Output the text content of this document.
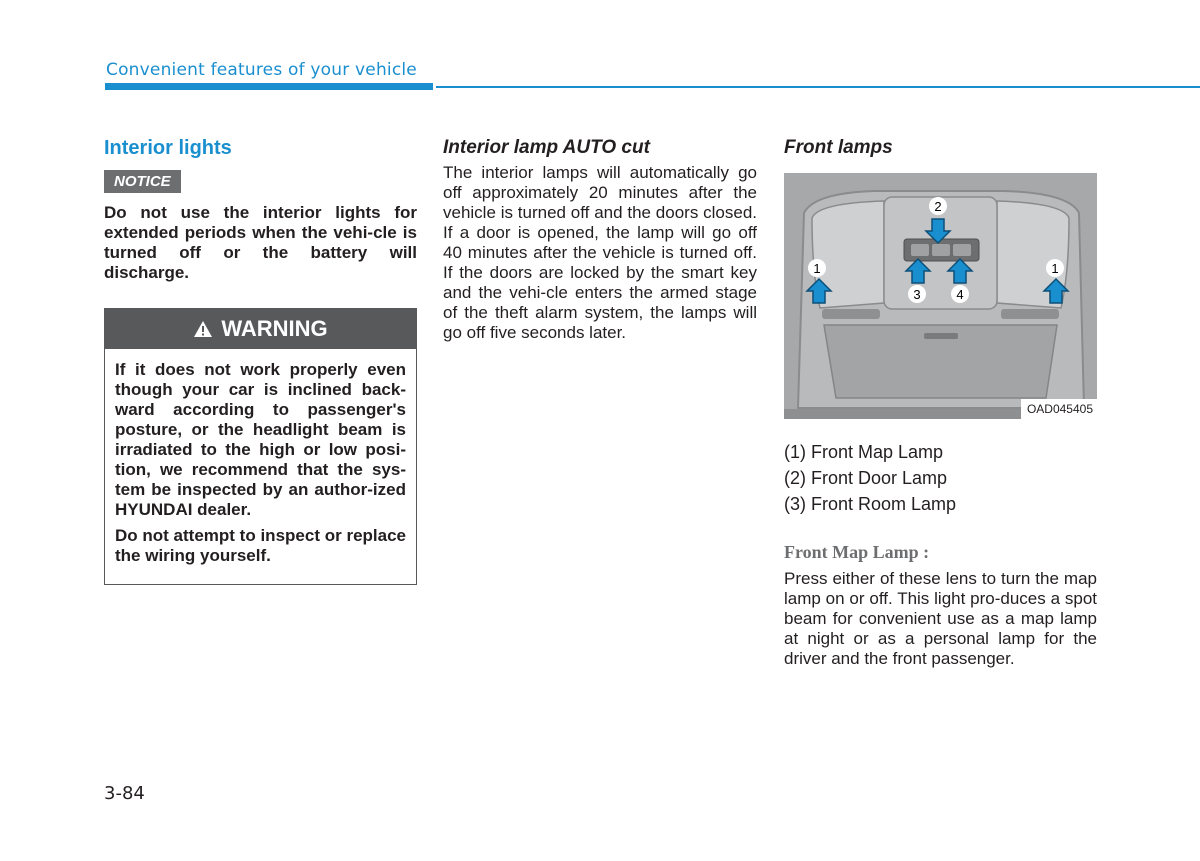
Convenient features of your vehicle
Interior lights
NOTICE

Do not use the interior lights for extended periods when the vehi-cle is turned off or the battery will discharge.

WARNING

If it does not work properly even though your car is inclined back-ward according to passenger's posture, or the headlight beam is irradiated to the high or low posi-tion, we recommend that the sys-tem be inspected by an author-ized HYUNDAI dealer.

Do not attempt to inspect or replace the wiring yourself.

Interior lamp AUTO cut

The interior lamps will automatically go off approximately 20 minutes after the vehicle is turned off and the doors closed. If a door is opened, the lamp will go off 40 minutes after the vehicle is turned off. If the doors are locked by the smart key and the vehi-cle enters the armed stage of the theft alarm system, the lamps will go off five seconds later.

Front lamps
1
2
3	4
1
OAD045405
(1) Front Map Lamp
(2) Front Door Lamp
(3) Front Room Lamp
Front Map Lamp :

Press either of these lens to turn the map lamp on or off. This light pro-duces a spot beam for convenient use as a map lamp at night or as a personal lamp for the driver and the front passenger.

3-84
